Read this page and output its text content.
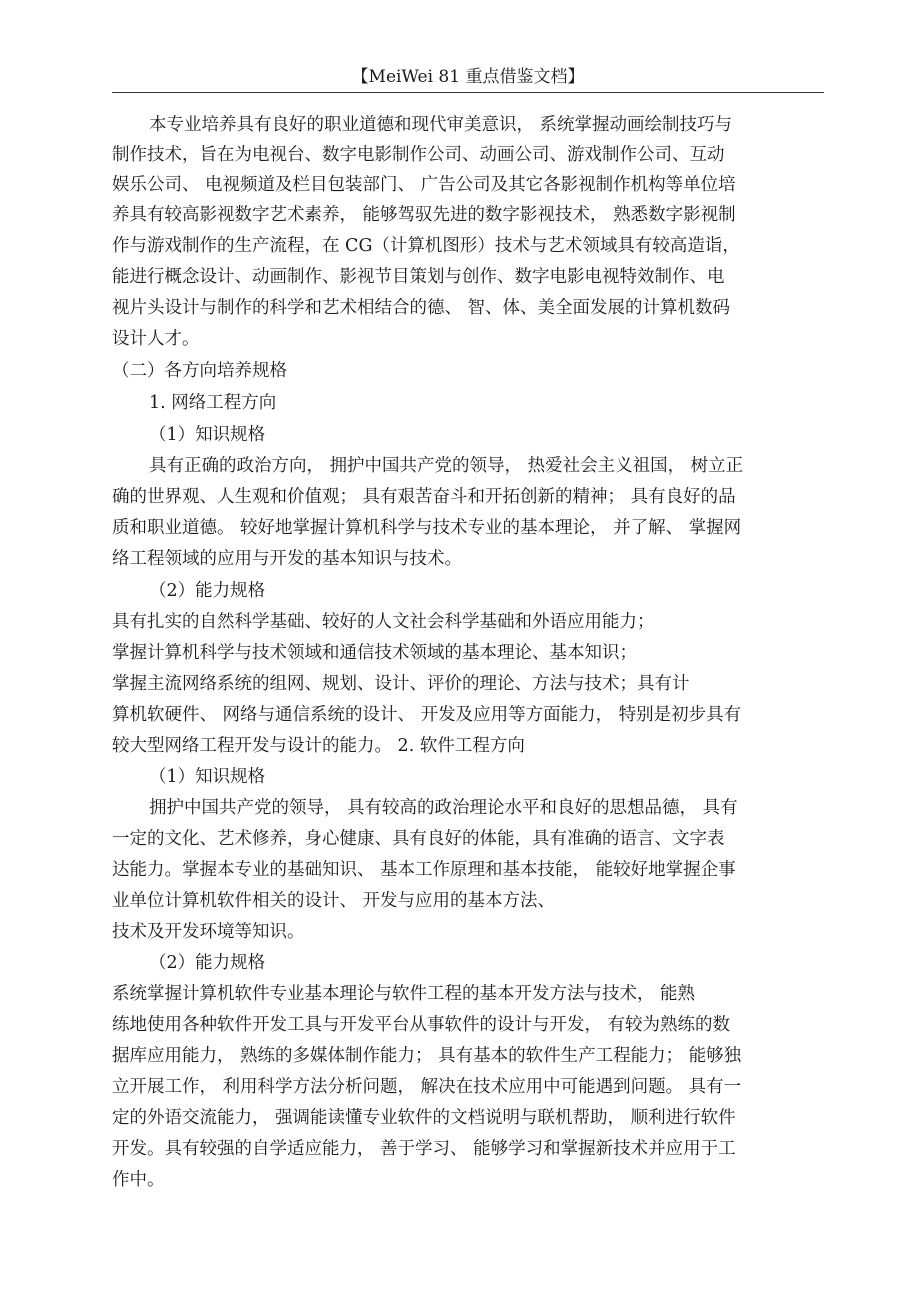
【MeiWei 81 重点借鉴文档】
本专业培养具有良好的职业道德和现代审美意识， 系统掌握动画绘制技巧与
制作技术，旨在为电视台、数字电影制作公司、动画公司、游戏制作公司、互动
娱乐公司、 电视频道及栏目包装部门、 广告公司及其它各影视制作机构等单位培
养具有较高影视数字艺术素养， 能够驾驭先进的数字影视技术， 熟悉数字影视制
作与游戏制作的生产流程，在 CG（计算机图形）技术与艺术领域具有较高造诣，
能进行概念设计、动画制作、影视节目策划与创作、数字电影电视特效制作、电
视片头设计与制作的科学和艺术相结合的德、 智、体、美全面发展的计算机数码
设计人才。
（二）各方向培养规格
1. 网络工程方向
（1）知识规格
具有正确的政治方向， 拥护中国共产党的领导， 热爱社会主义祖国， 树立正
确的世界观、人生观和价值观； 具有艰苦奋斗和开拓创新的精神； 具有良好的品
质和职业道德。 较好地掌握计算机科学与技术专业的基本理论， 并了解、 掌握网
络工程领域的应用与开发的基本知识与技术。
（2）能力规格
具有扎实的自然科学基础、较好的人文社会科学基础和外语应用能力；
掌握计算机科学与技术领域和通信技术领域的基本理论、基本知识；
掌握主流网络系统的组网、规划、设计、评价的理论、方法与技术；具有计
算机软硬件、 网络与通信系统的设计、 开发及应用等方面能力， 特别是初步具有
较大型网络工程开发与设计的能力。 2. 软件工程方向
（1）知识规格
拥护中国共产党的领导， 具有较高的政治理论水平和良好的思想品德， 具有
一定的文化、艺术修养，身心健康、具有良好的体能，具有准确的语言、文字表
达能力。掌握本专业的基础知识、 基本工作原理和基本技能， 能较好地掌握企事
业单位计算机软件相关的设计、 开发与应用的基本方法、
技术及开发环境等知识。
（2）能力规格
系统掌握计算机软件专业基本理论与软件工程的基本开发方法与技术， 能熟
练地使用各种软件开发工具与开发平台从事软件的设计与开发， 有较为熟练的数
据库应用能力， 熟练的多媒体制作能力； 具有基本的软件生产工程能力； 能够独
立开展工作， 利用科学方法分析问题， 解决在技术应用中可能遇到问题。 具有一
定的外语交流能力， 强调能读懂专业软件的文档说明与联机帮助， 顺利进行软件
开发。具有较强的自学适应能力， 善于学习、 能够学习和掌握新技术并应用于工
作中。
